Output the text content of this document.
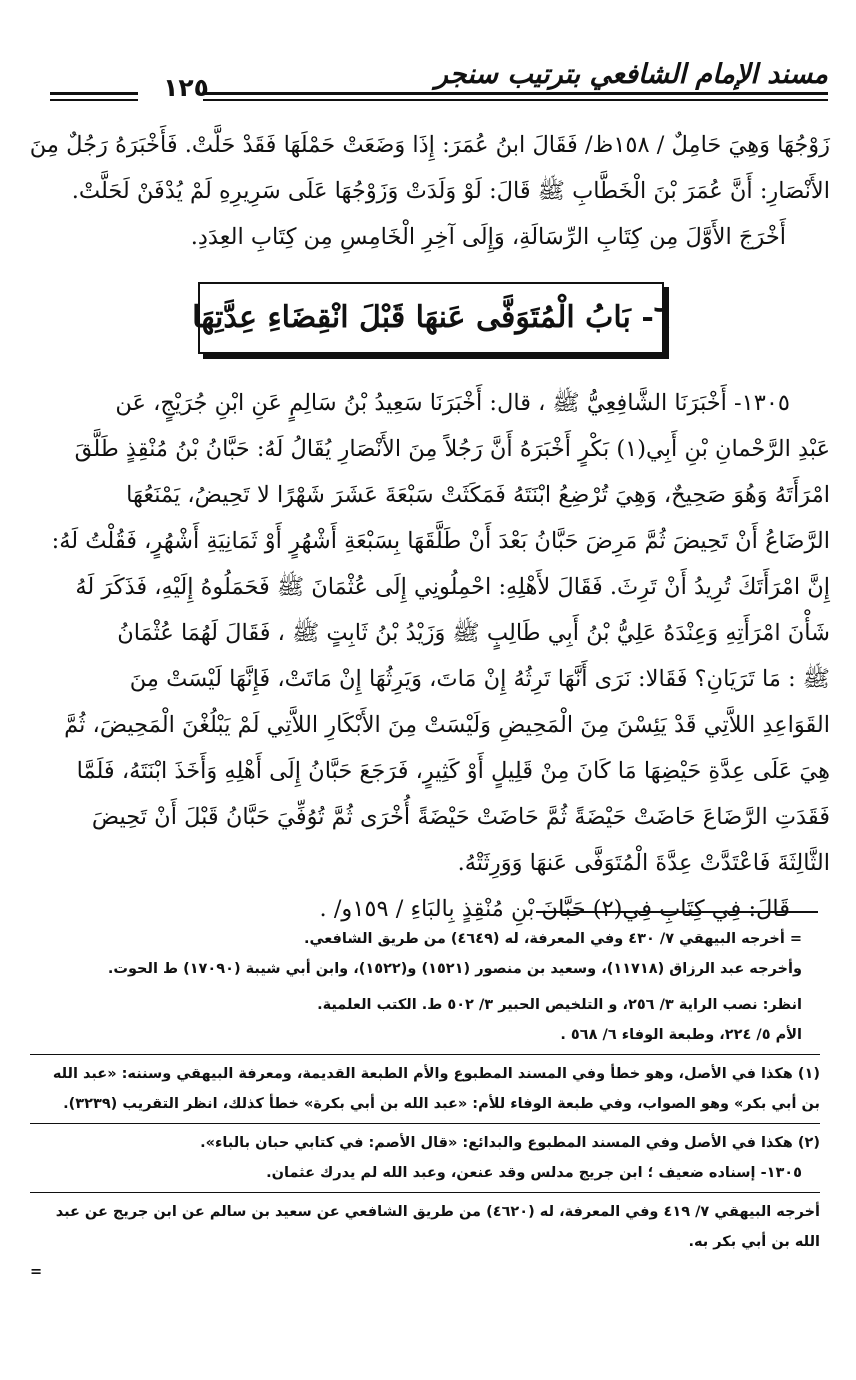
مسند الإمام الشافعي بترتيب سنجر
١٢٥

زَوْجُهَا وَهِيَ حَامِلٌ / ١٥٨ظ/ فَقَالَ ابنُ عُمَرَ: إِذَا وَضَعَتْ حَمْلَهَا فَقَدْ حَلَّتْ. فَأَخْبَرَهُ رَجُلٌ مِنَ

الأَنْصَارِ: أَنَّ عُمَرَ بْنَ الْخَطَّابِ ﷺ قَالَ: لَوْ وَلَدَتْ وَزَوْجُهَا عَلَى سَرِيرِهِ لَمْ يُدْفَنْ لَحَلَّتْ.

أَخْرَجَ الأَوَّلَ مِن كِتَابِ الرِّسَالَةِ، وَإِلَى آخِرِ الْخَامِسِ مِن كِتَابِ العِدَدِ.

٦- بَابُ الْمُتَوَفَّى عَنهَا قَبْلَ انْقِضَاءِ عِدَّتِهَا

١٣٠٥- أَخْبَرَنَا الشَّافِعِيُّ ﷺ ، قال: أَخْبَرَنَا سَعِيدُ بْنُ سَالِمٍ عَنِ ابْنِ جُرَيْجٍ، عَن

عَبْدِ الرَّحْمانِ بْنِ أَبِي(١) بَكْرٍ أَخْبَرَهُ أَنَّ رَجُلاً مِنَ الأَنْصَارِ يُقَالُ لَهُ: حَبَّانُ بْنُ مُنْقِذٍ طَلَّقَ

امْرَأَتَهُ وَهُوَ صَحِيحٌ، وَهِيَ تُرْضِعُ ابْنَتَهُ فَمَكَثَتْ سَبْعَةَ عَشَرَ شَهْرًا لا تَحِيضُ، يَمْنَعُهَا

الرَّضَاعُ أَنْ تَحِيضَ ثُمَّ مَرِضَ حَبَّانُ بَعْدَ أَنْ طَلَّقَهَا بِسَبْعَةِ أَشْهُرٍ أَوْ ثَمَانِيَةِ أَشْهُرٍ، فَقُلْتُ لَهُ:

إِنَّ امْرَأَتَكَ تُرِيدُ أَنْ تَرِثَ. فَقَالَ لأَهْلِهِ: احْمِلُونِي إِلَى عُثْمَانَ ﷺ فَحَمَلُوهُ إِلَيْهِ، فَذَكَرَ لَهُ

شَأْنَ امْرَأَتِهِ وَعِنْدَهُ عَلِيُّ بْنُ أَبِي طَالِبٍ ﷺ وَزَيْدُ بْنُ ثَابِتٍ ﷺ ، فَقَالَ لَهُمَا عُثْمَانُ

ﷺ : مَا تَرَيَانِ؟ فَقَالا: نَرَى أَنَّهَا تَرِثُهُ إِنْ مَاتَ، وَيَرِثُهَا إِنْ مَاتَتْ، فَإِنَّهَا لَيْسَتْ مِنَ

القَوَاعِدِ اللاَّتِي قَدْ يَئِسْنَ مِنَ الْمَحِيضِ وَلَيْسَتْ مِنَ الأَبْكَارِ اللاَّتِي لَمْ يَبْلُغْنَ الْمَحِيضَ، ثُمَّ

هِيَ عَلَى عِدَّةِ حَيْضِهَا مَا كَانَ مِنْ قَلِيلٍ أَوْ كَثِيرٍ، فَرَجَعَ حَبَّانُ إِلَى أَهْلِهِ وَأَخَذَ ابْنَتَهُ، فَلَمَّا

فَقَدَتِ الرَّضَاعَ حَاضَتْ حَيْضَةً ثُمَّ حَاضَتْ حَيْضَةً أُخْرَى ثُمَّ تُوُفِّيَ حَبَّانُ قَبْلَ أَنْ تَحِيضَ

الثَّالِثَةَ فَاعْتَدَّتْ عِدَّةَ الْمُتَوَفَّى عَنهَا وَوَرِثَتْهُ.

قَالَ: فِي كِتَابِ فِي(٢) حَبَّانَ بْنِ مُنْقِذٍ بِالبَاءِ / ١٥٩و/ .

= أخرجه البيهقي ٧/ ٤٣٠ وفي المعرفة، له (٤٦٤٩) من طريق الشافعي.

وأخرجه عبد الرزاق (١١٧١٨)، وسعيد بن منصور (١٥٢١) و(١٥٢٢)، وابن أبي شيبة (١٧٠٩٠) ط الحوت.

انظر: نصب الراية ٣/ ٢٥٦، و التلخيص الحبير ٣/ ٥٠٢ ط. الكتب العلمية.

الأم ٥/ ٢٢٤، وطبعة الوفاء ٦/ ٥٦٨ .

(١) هكذا في الأصل، وهو خطأ وفي المسند المطبوع والأم الطبعة القديمة، ومعرفة البيهقي وسننه: «عبد الله بن أبي بكر» وهو الصواب، وفي طبعة الوفاء للأم: «عبد الله بن أبي بكرة» خطأ كذلك، انظر التقريب (٣٢٣٩).

(٢) هكذا في الأصل وفي المسند المطبوع والبدائع: «قال الأصم: في كتابي حبان بالباء».

١٣٠٥- إسناده ضعيف ؛ ابن جريج مدلس وقد عنعن، وعبد الله لم يدرك عثمان.

أخرجه البيهقي ٧/ ٤١٩ وفي المعرفة، له (٤٦٢٠) من طريق الشافعي عن سعيد بن سالم عن ابن جريج عن عبد الله بن أبي بكر به.

=
